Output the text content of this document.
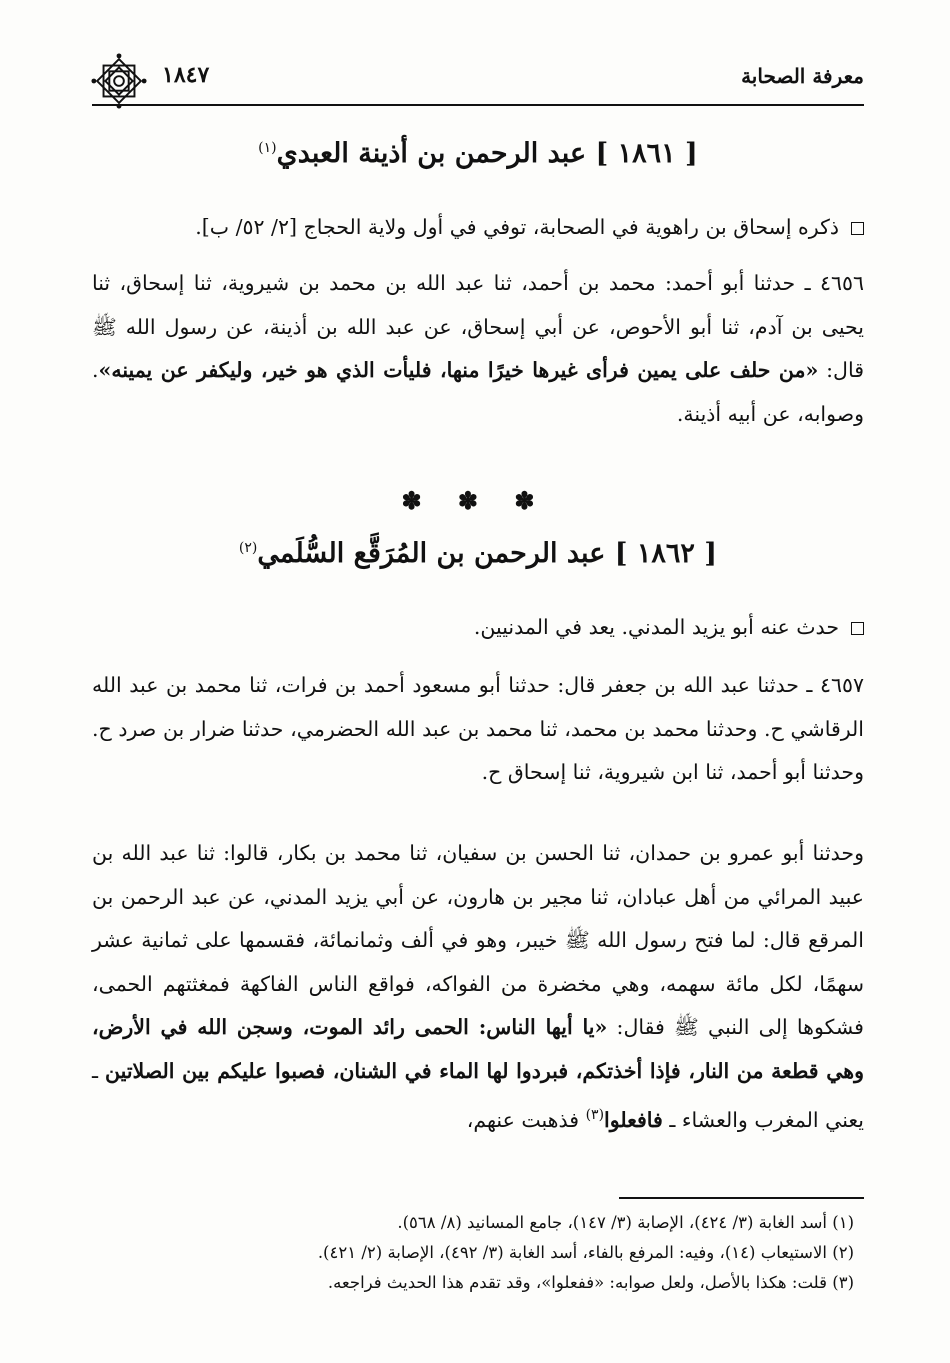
معرفة الصحابة
١٨٤٧
[ ١٨٦١ ] عبد الرحمن بن أذينة العبدي$^{(١)}$
ذكره إسحاق بن راهوية في الصحابة، توفي في أول ولاية الحجاج [٢/ ٥٢/ ب].
٤٦٥٦ ـ حدثنا أبو أحمد: محمد بن أحمد، ثنا عبد الله بن محمد بن شيروية، ثنا إسحاق، ثنا يحيى بن آدم، ثنا أبو الأحوص، عن أبي إسحاق، عن عبد الله بن أذينة، عن رسول الله ﷺ قال: «من حلف على يمين فرأى غيرها خيرًا منها، فليأت الذي هو خير، وليكفر عن يمينه». وصوابه، عن أبيه أذينة.
✽ ✽ ✽
[ ١٨٦٢ ] عبد الرحمن بن المُرَقَّع السُّلَمي$^{(٢)}$
حدث عنه أبو يزيد المدني. يعد في المدنيين.
٤٦٥٧ ـ حدثنا عبد الله بن جعفر قال: حدثنا أبو مسعود أحمد بن فرات، ثنا محمد بن عبد الله الرقاشي ح. وحدثنا محمد بن محمد، ثنا محمد بن عبد الله الحضرمي، حدثنا ضرار بن صرد ح. وحدثنا أبو أحمد، ثنا ابن شيروية، ثنا إسحاق ح.
وحدثنا أبو عمرو بن حمدان، ثنا الحسن بن سفيان، ثنا محمد بن بكار، قالوا: ثنا عبد الله بن عبيد المرائي من أهل عبادان، ثنا مجير بن هارون، عن أبي يزيد المدني، عن عبد الرحمن بن المرقع قال: لما فتح رسول الله ﷺ خيبر، وهو في ألف وثمانمائة، فقسمها على ثمانية عشر سهمًا، لكل مائة سهمه، وهي مخضرة من الفواكه، فواقع الناس الفاكهة فمغثتهم الحمى، فشكوها إلى النبي ﷺ فقال: «يا أيها الناس: الحمى رائد الموت، وسجن الله في الأرض، وهي قطعة من النار، فإذا أخذتكم، فبردوا لها الماء في الشنان، فصبوا عليكم بين الصلاتين ـ يعني المغرب والعشاء ـ فافعلوا$^{(٣)}$ فذهبت عنهم،
(١) أسد الغابة (٣/ ٤٢٤)، الإصابة (٣/ ١٤٧)، جامع المسانيد (٨/ ٥٦٨).
(٢) الاستيعاب (١٤)، وفيه: المرفع بالفاء، أسد الغابة (٣/ ٤٩٢)، الإصابة (٢/ ٤٢١).
(٣) قلت: هكذا بالأصل، ولعل صوابه: «ففعلوا»، وقد تقدم هذا الحديث فراجعه.
